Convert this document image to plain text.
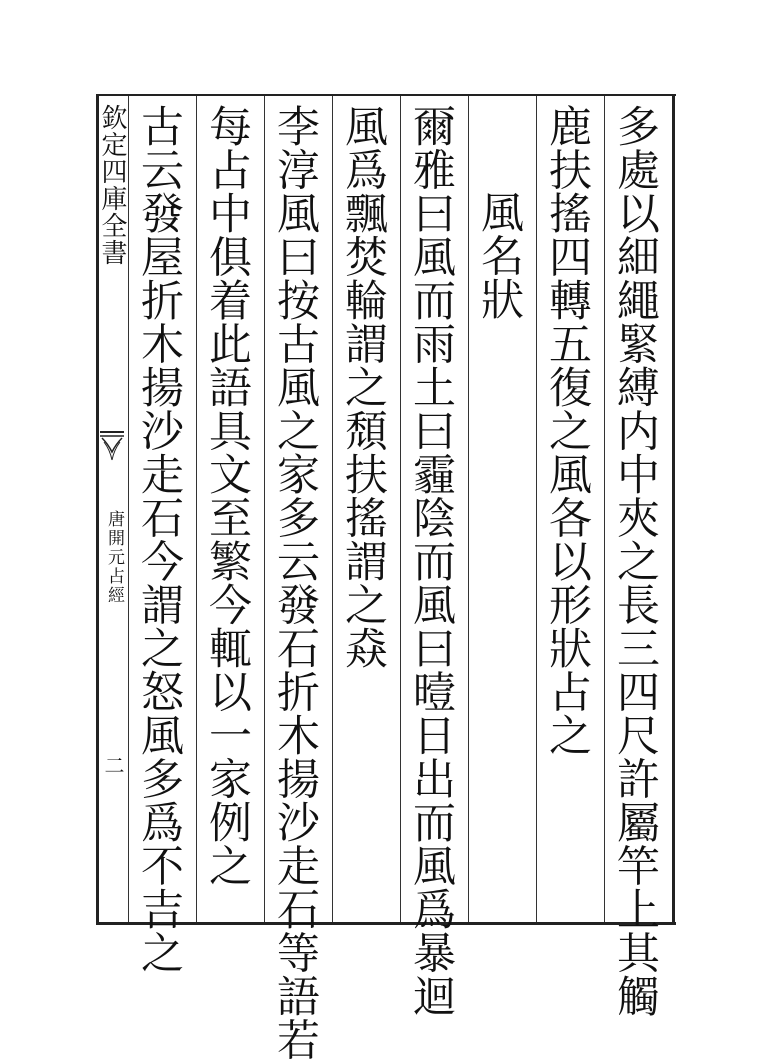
欽定四庫全書
唐開元占經
二	多處以細繩緊縛内中夾之長三四尺許屬竿上其觸
鹿扶搖四轉五復之風各以形狀占之
風名狀
爾雅曰風而雨土曰霾陰而風曰曀日出而風爲暴迴
風爲飄焚輪謂之頹扶搖謂之猋
李淳風曰按古風之家多云發石折木揚沙走石等語若
每占中俱着此語具文至繁今輒以一家例之
古云發屋折木揚沙走石今謂之怒風多爲不吉之
